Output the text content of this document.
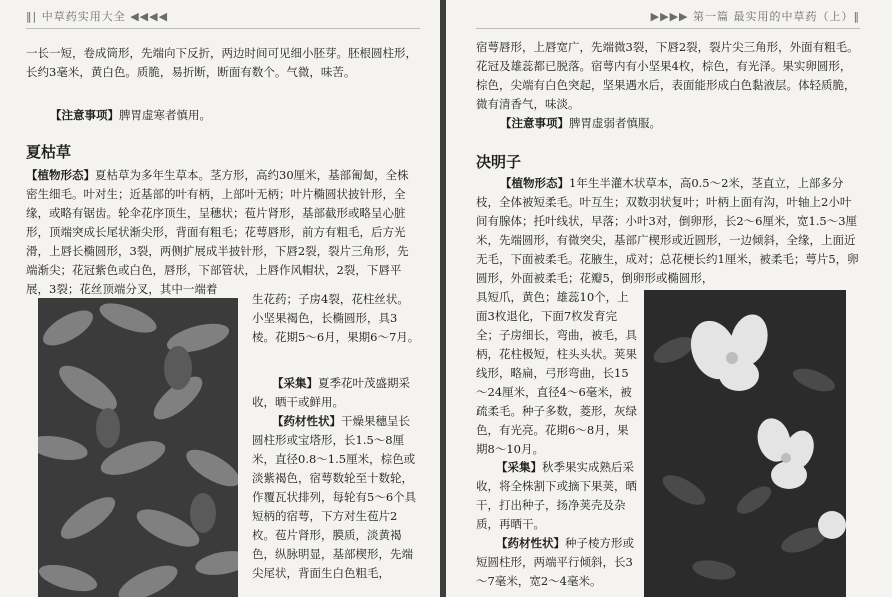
‖| 中草药实用大全 ◀◀◀◀

一长一短，卷成筒形，先端向下反折，两边时间可见细小胚芽。胚根圆柱形，长约3毫米，黄白色。质脆，易折断，断面有数个。气微，味苦。

【注意事项】脾胃虚寒者慎用。

夏枯草

【植物形态】夏枯草为多年生草本。茎方形，高约30厘米，基部匍匐，全株密生细毛。叶对生；近基部的叶有柄，上部叶无柄；叶片椭圆状披针形，全缘，或略有锯齿。轮伞花序顶生，呈穗状；苞片肾形，基部截形或略呈心脏形，顶端突成长尾状渐尖形，背面有粗毛；花萼唇形，前方有粗毛，后方光滑，上唇长椭圆形，3裂，两侧扩展成半披针形，下唇2裂，裂片三角形，先端渐尖；花冠紫色或白色，唇形，下部管状，上唇作风帽状，2裂，下唇平展，3裂；花丝顶端分叉，其中一端着

生花药；子房4裂，花柱丝状。小坚果褐色，长椭圆形，具3棱。花期5～6月，果期6～7月。

【采集】夏季花叶茂盛期采收，晒干或鲜用。

【药材性状】干燥果穗呈长圆柱形或宝塔形，长1.5～8厘米，直径0.8～1.5厘米，棕色或淡紫褐色，宿萼数轮至十数轮，作覆瓦状排列，每轮有5～6个具短柄的宿萼，下方对生苞片2枚。苞片肾形，膜质，淡黄褐色，纵脉明显，基部楔形，先端尖尾状，背面生白色粗毛，

▶▶▶▶ 第一篇 最实用的中草药（上）‖

宿萼唇形，上唇宽广，先端微3裂，下唇2裂，裂片尖三角形，外面有粗毛。花冠及雄蕊都已脱落。宿萼内有小坚果4枚，棕色，有光泽。果实卵圆形，棕色，尖端有白色突起，坚果遇水后，表面能形成白色黏液层。体轻质脆，微有清香气，味淡。

【注意事项】脾胃虚弱者慎服。

决明子

【植物形态】1年生半灌木状草本，高0.5～2米，茎直立，上部多分枝，全体被短柔毛。叶互生；双数羽状复叶；叶柄上面有沟，叶轴上2小叶间有腺体；托叶线状，早落；小叶3对，倒卵形，长2～6厘米，宽1.5～3厘米，先端圆形，有微突尖，基部广楔形或近圆形，一边倾斜，全缘，上面近无毛，下面被柔毛。花腋生，成对；总花梗长约1厘米，被柔毛；萼片5，卵圆形，外面被柔毛；花瓣5，倒卵形或椭圆形，

具短爪，黄色；雄蕊10个，上面3枚退化，下面7枚发育完全；子房细长，弯曲，被毛，具柄，花柱极短，柱头头状。荚果线形，略扁，弓形弯曲，长15～24厘米，直径4～6毫米，被疏柔毛。种子多数，菱形，灰绿色，有光亮。花期6～8月，果期8～10月。

【采集】秋季果实成熟后采收，将全株割下或摘下果荚，晒干，打出种子，扬净荚壳及杂质，再晒干。

【药材性状】种子棱方形或短圆柱形，两端平行倾斜，长3～7毫米，宽2～4毫米。
